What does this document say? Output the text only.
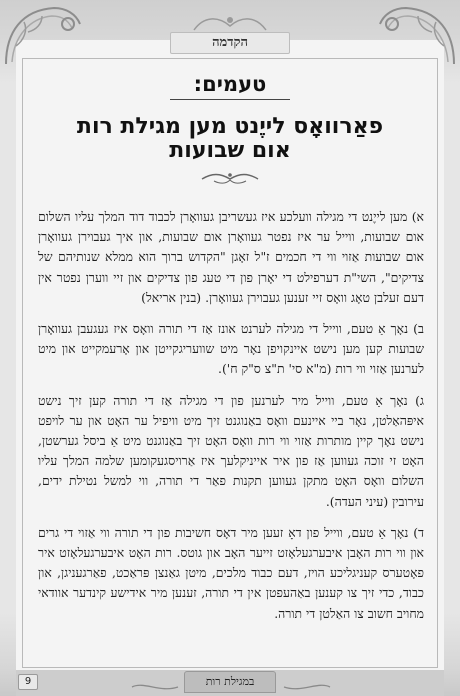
הקדמה
טעמים:
פאַרוואָס לייֶנט מען מגילת רות
אום שבועות

א) מען לייֶנט די מגילה וועלכע איז געשריבן געוואָרן לכבוד דוד המלך עליו השלום אום שבועות, ווייל ער איז נפטר געוואָרן אום שבועות, און איך געבוירן געוואָרן אום שבועות אַזוי ווי די חכמים ז"ל זאָגן "הקדוש ברוך הוא ממלא שנותיהם של צדיקים", השי"ת דערפילט די יאָרן פון די טעג פון צדיקים און זיי ווערן נפטר אין דעם זעלבן טאָג וואָס זיי זענען געבוירן געוואָרן. (בנין אריאל)

ב) נאָך אַ טעם, ווייל די מגילה לערנט אונז אַז די תורה וואָס איז געגעבן געוואָרן שבועות קען מען נישט איינקויפן נאָר מיט שוועריגקייטן און אָרעמקייט און מיט לערנען אַזוי ווי רות (מ"א סי' ת"צ ס"ק ח').

ג) נאָך אַ טעם, ווייל מיר לערנען פון די מגילה אַז די תורה קען זיך נישט איפּהאַלטן, נאָר ביי איינעם וואָס באַנוגנט זיך מיט וויפיל ער האָט און ער לויפט נישט נאָך קיין מותרות אַזוי ווי רות וואָס האָט זיך באַנוגנט מיט אַ ביסל גערשטן, האָט זי זוכה געווען אַז פון איר אייניקלעך איז אַרויסגעקומען שלמה המלך עליו השלום וואָס האָט מתקן געווען תקנות פאַר די תורה, ווי למשל נטילת ידים, עירובין (עיני העדה).

ד) נאָך אַ טעם, ווייל פון דאָ זעען מיר דאָס חשיבות פון די תורה ווי אַזוי די גרים און ווי רות האָבן איבערגעלאָזט זייער האָב און גוטס. רות האָט איבערגעלאָזט איר פאָטערס קעניגליכע הויז, דעם כבוד מלכים, מיטן גאַנצן פּראַכט, פאַרגעניגן, און כבוד, כדי זיך צו קענען באַהעפטן אין די תורה, זענען מיר אידישע קינדער אוודאי מחויב חשוב צו האַלטן די תורה.

במגילת רות
9
